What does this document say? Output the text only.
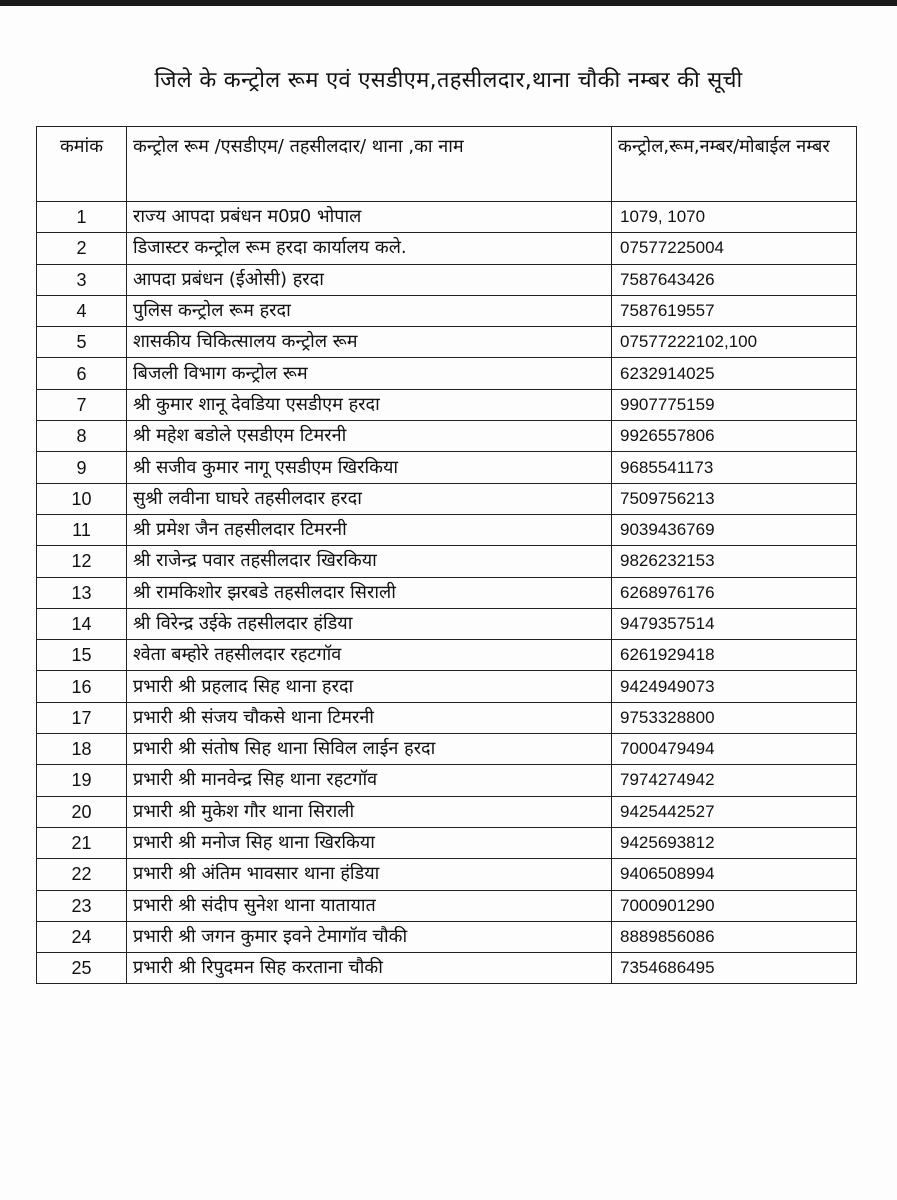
जिले के कन्ट्रोल रूम एवं एसडीएम,तहसीलदार,थाना चौकी नम्बर की सूची
कमांक	कन्ट्रोल रूम /एसडीएम/ तहसीलदार/ थाना ,का नाम	कन्ट्रोल,रूम,नम्बर/मोबाईल नम्बर
1	राज्य आपदा प्रबंधन म0प्र0 भोपाल	1079, 1070
2	डिजास्टर कन्ट्रोल रूम हरदा कार्यालय कले.	07577225004
3	आपदा प्रबंधन (ईओसी) हरदा	7587643426
4	पुलिस कन्ट्रोल रूम हरदा	7587619557
5	शासकीय चिकित्सालय कन्ट्रोल रूम	07577222102,100
6	बिजली विभाग कन्ट्रोल रूम	6232914025
7	श्री कुमार शानू देवडिया एसडीएम हरदा	9907775159
8	श्री महेश बडोले एसडीएम टिमरनी	9926557806
9	श्री सजीव कुमार नागू एसडीएम खिरकिया	9685541173
10	सुश्री लवीना घाघरे तहसीलदार हरदा	7509756213
11	श्री प्रमेश जैन तहसीलदार टिमरनी	9039436769
12	श्री राजेन्द्र पवार तहसीलदार खिरकिया	9826232153
13	श्री रामकिशोर झरबडे तहसीलदार सिराली	6268976176
14	श्री विरेन्द्र उईके तहसीलदार हंडिया	9479357514
15	श्वेता बम्होरे तहसीलदार रहटगॉव	6261929418
16	प्रभारी श्री प्रहलाद सिह थाना हरदा	9424949073
17	प्रभारी श्री संजय चौकसे थाना टिमरनी	9753328800
18	प्रभारी श्री संतोष सिह थाना सिविल लाईन हरदा	7000479494
19	प्रभारी श्री मानवेन्द्र सिह थाना रहटगॉव	7974274942
20	प्रभारी श्री मुकेश गौर थाना सिराली	9425442527
21	प्रभारी श्री मनोज सिह थाना खिरकिया	9425693812
22	प्रभारी श्री अंतिम भावसार थाना हंडिया	9406508994
23	प्रभारी श्री संदीप सुनेश थाना यातायात	7000901290
24	प्रभारी श्री जगन कुमार इवने टेमागॉव चौकी	8889856086
25	प्रभारी श्री रिपुदमन सिह करताना चौकी	7354686495
